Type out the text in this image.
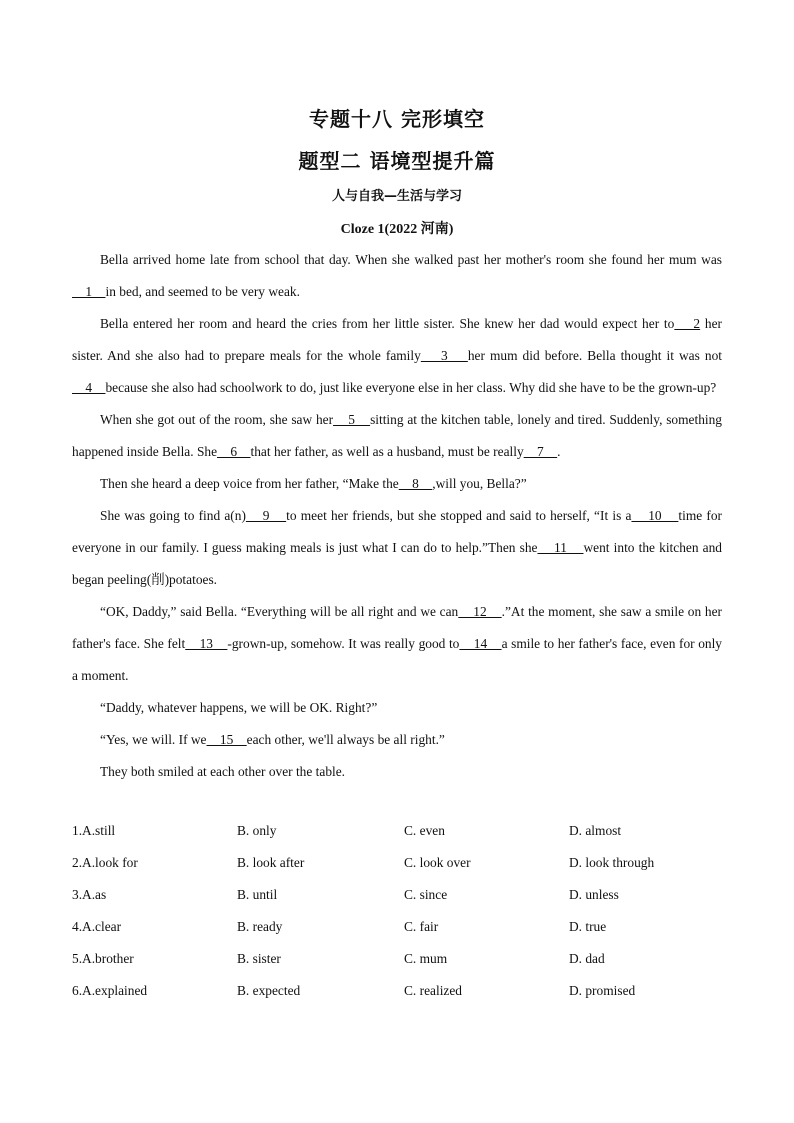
专题十八 完形填空
题型二 语境型提升篇
人与自我—生活与学习
Cloze 1(2022 河南)

Bella arrived home late from school that day. When she walked past her mother's room she found her mum was    1    in bed, and seemed to be very weak.

Bella entered her room and heard the cries from her little sister. She knew her dad would expect her to    2 her sister. And she also had to prepare meals for the whole family    3    her mum did before. Bella thought it was not    4    because she also had schoolwork to do, just like everyone else in her class. Why did she have to be the grown-up?

When she got out of the room, she saw her    5    sitting at the kitchen table, lonely and tired. Suddenly, something happened inside Bella. She    6    that her father, as well as a husband, must be really    7    .

Then she heard a deep voice from her father, “Make the    8    ,will you, Bella?”

She was going to find a(n)    9    to meet her friends, but she stopped and said to herself, “It is a    10    time for everyone in our family. I guess making meals is just what I can do to help.”Then she    11    went into the kitchen and began peeling(削)potatoes.

“OK, Daddy,” said Bella. “Everything will be all right and we can    12    .”At the moment, she saw a smile on her father's face. She felt    13    -grown-up, somehow. It was really good to    14    a smile to her father's face, even for only a moment.

“Daddy, whatever happens, we will be OK. Right?”

“Yes, we will. If we    15    each other, we'll always be all right.”

They both smiled at each other over the table.

1.A.still	B. only	C. even	D. almost
2.A.look for	B. look after	C. look over	D. look through
3.A.as	B. until	C. since	D. unless
4.A.clear	B. ready	C. fair	D. true
5.A.brother	B. sister	C. mum	D. dad
6.A.explained	B. expected	C. realized	D. promised
